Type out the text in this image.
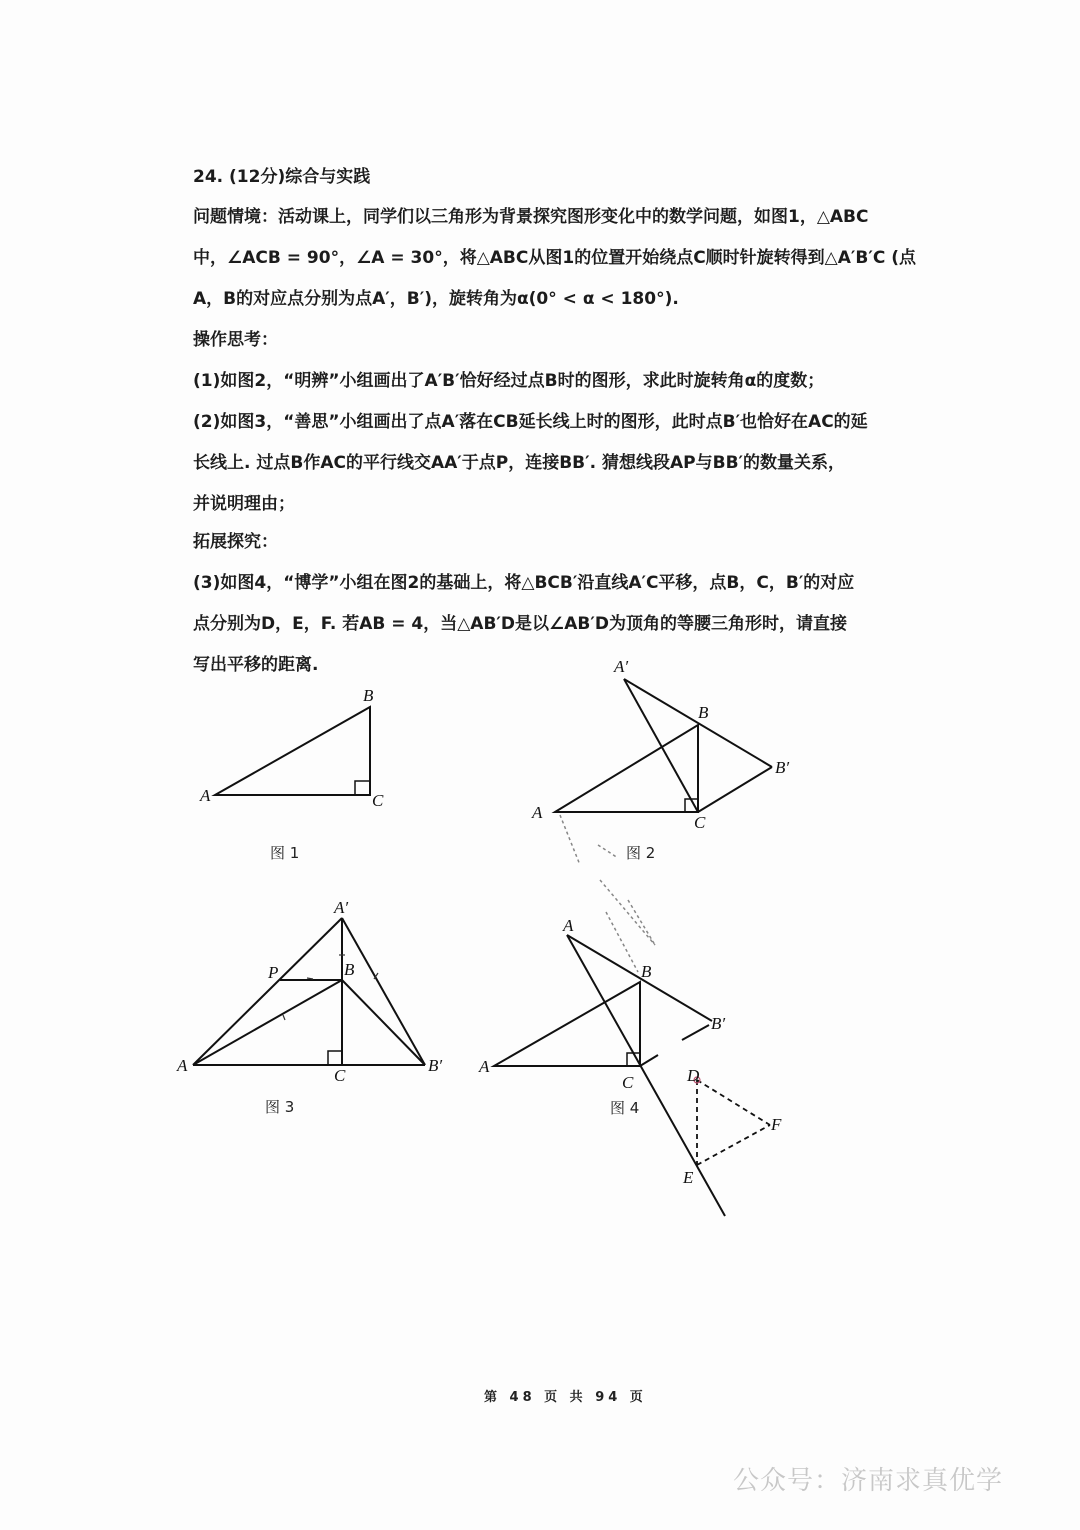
24. (12分)综合与实践
问题情境：活动课上，同学们以三角形为背景探究图形变化中的数学问题，如图1，△ABC
中，∠ACB = 90°，∠A = 30°，将△ABC从图1的位置开始绕点C顺时针旋转得到△A′B′C (点
A，B的对应点分别为点A′，B′)，旋转角为α(0° < α < 180°).
操作思考：
(1)如图2，“明辨”小组画出了A′B′恰好经过点B时的图形，求此时旋转角α的度数；
(2)如图3，“善思”小组画出了点A′落在CB延长线上时的图形，此时点B′也恰好在AC的延
长线上. 过点B作AC的平行线交AA′于点P，连接BB′. 猜想线段AP与BB′的数量关系，
并说明理由；
拓展探究：
(3)如图4，“博学”小组在图2的基础上，将△BCB′沿直线A′C平移，点B，C，B′的对应
点分别为D，E，F. 若AB = 4，当△AB′D是以∠AB′D为顶角的等腰三角形时，请直接
写出平移的距离.
A
B
C
图 1
A
B
C
A′
B′
图 2
A′
P	B
A
C
B′
图 3
A
B
B′
A
C	D
F
E
图 4
第 48 页 共 94 页
公众号：济南求真优学
